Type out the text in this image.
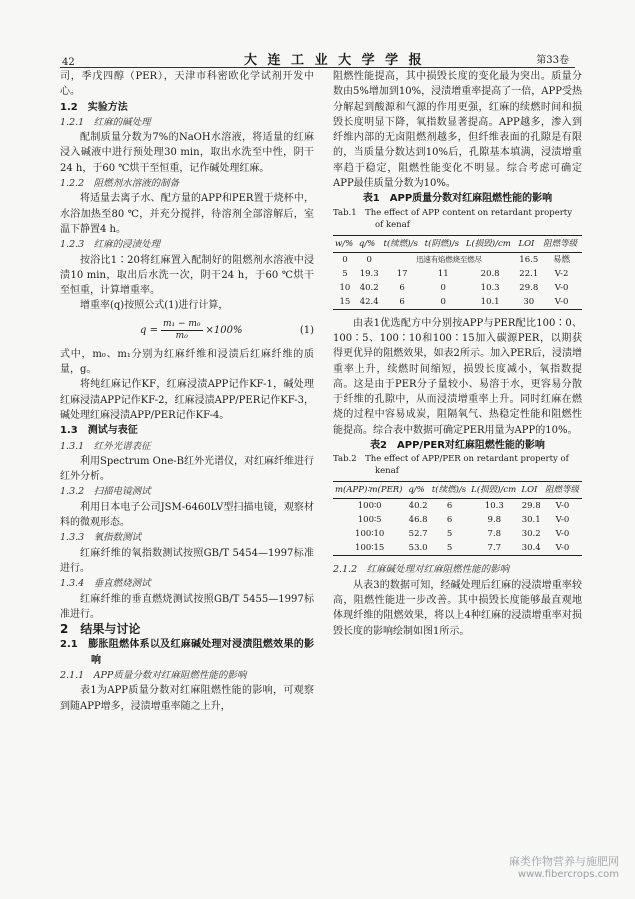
42	大 连 工 业 大 学 学 报	第33卷

司，季戊四醇（PER），天津市科密欧化学试剂开发中心。

1.2　实验方法

1.2.1　红麻的碱处理

配制质量分数为7%的NaOH水溶液，将适量的红麻浸入碱液中进行预处理30 min，取出水洗至中性，阴干24 h，于60 ℃烘干至恒重，记作碱处理红麻。

1.2.2　阻燃剂水溶液的制备

将适量去离子水、配方量的APP和PER置于烧杯中，水浴加热至80 ℃，并充分搅拌，待溶剂全部溶解后，室温下静置4 h。

1.2.3　红麻的浸渍处理

按浴比1∶20将红麻置入配制好的阻燃剂水溶液中浸渍10 min，取出后水洗一次，阴干24 h，于60 ℃烘干至恒重，计算增重率。

增重率(q)按照公式(1)进行计算，

$q = \frac{\text{m₁ − m₀}}{\text{m₀}} \times 100\%$	(1)

式中，m₀、m₁分别为红麻纤维和浸渍后红麻纤维的质量，g。

将纯红麻记作KF，红麻浸渍APP记作KF-1，碱处理红麻浸渍APP记作KF-2，红麻浸渍APP/PER记作KF-3，碱处理红麻浸渍APP/PER记作KF-4。

1.3　测试与表征

1.3.1　红外光谱表征

利用Spectrum One-B红外光谱仪，对红麻纤维进行红外分析。

1.3.2　扫描电镜测试

利用日本电子公司JSM-6460LV型扫描电镜，观察材料的微观形态。

1.3.3　氧指数测试

红麻纤维的氧指数测试按照GB/T 5454—1997标准进行。

1.3.4　垂直燃烧测试

红麻纤维的垂直燃烧测试按照GB/T 5455—1997标准进行。

2　结果与讨论

2.1　膨胀阻燃体系以及红麻碱处理对浸渍阻燃效果的影响

2.1.1　APP质量分数对红麻阻燃性能的影响

表1为APP质量分数对红麻阻燃性能的影响，可观察到随APP增多，浸渍增重率随之上升，

阻燃性能提高，其中损毁长度的变化最为突出。质量分数由5%增加到10%，浸渍增重率提高了一倍，APP受热分解起到酸源和气源的作用更强，红麻的续燃时间和损毁长度明显下降，氧指数显著提高。APP越多，渗入到纤维内部的无卤阻燃剂越多，但纤维表面的孔隙是有限的，当质量分数达到10%后，孔隙基本填满，浸渍增重率趋于稳定，阻燃性能变化不明显。综合考虑可确定APP最佳质量分数为10%。

表1　APP质量分数对红麻阻燃性能的影响

Tab.1　The effect of APP content on retardant property of kenaf

w/%	q/%	t(续燃)/s	t(阴燃)/s	L(损毁)/cm	LOI	阻燃等级
0	0	迅速有焰燃烧至燃尽			16.5	易燃
5	19.3	17	11	20.8	22.1	V-2
10	40.2	6	0	10.3	29.8	V-0
15	42.4	6	0	10.1	30	V-0

由表1优选配方中分别按APP与PER配比100∶0、100∶5、100∶10和100∶15加入碳源PER，以期获得更优异的阻燃效果，如表2所示。加入PER后，浸渍增重率上升，续燃时间缩短，损毁长度减小，氧指数提高。这是由于PER分子量较小、易溶于水，更容易分散于纤维的孔隙中，从而浸渍增重率上升。同时红麻在燃烧的过程中容易成炭，阻隔氧气、热稳定性能和阻燃性能提高。综合表中数据可确定PER用量为APP的10%。

表2　APP/PER对红麻阻燃性能的影响

Tab.2　The effect of APP/PER on retardant property of kenaf

m(APP)∶m(PER)	q/%	t(续燃)/s	L(损毁)/cm	LOI	阻燃等级
100∶0	40.2	6	10.3	29.8	V-0
100∶5	46.8	6	9.8	30.1	V-0
100∶10	52.7	5	7.8	30.2	V-0
100∶15	53.0	5	7.7	30.4	V-0

2.1.2　红麻碱处理对红麻阻燃性能的影响

从表3的数据可知，经碱处理后红麻的浸渍增重率较高，阻燃性能进一步改善。其中损毁长度能够最直观地体现纤维的阻燃效果，将以上4种红麻的浸渍增重率对损毁长度的影响绘制如图1所示。

麻类作物营养与施肥网
www.fibercrops.com
